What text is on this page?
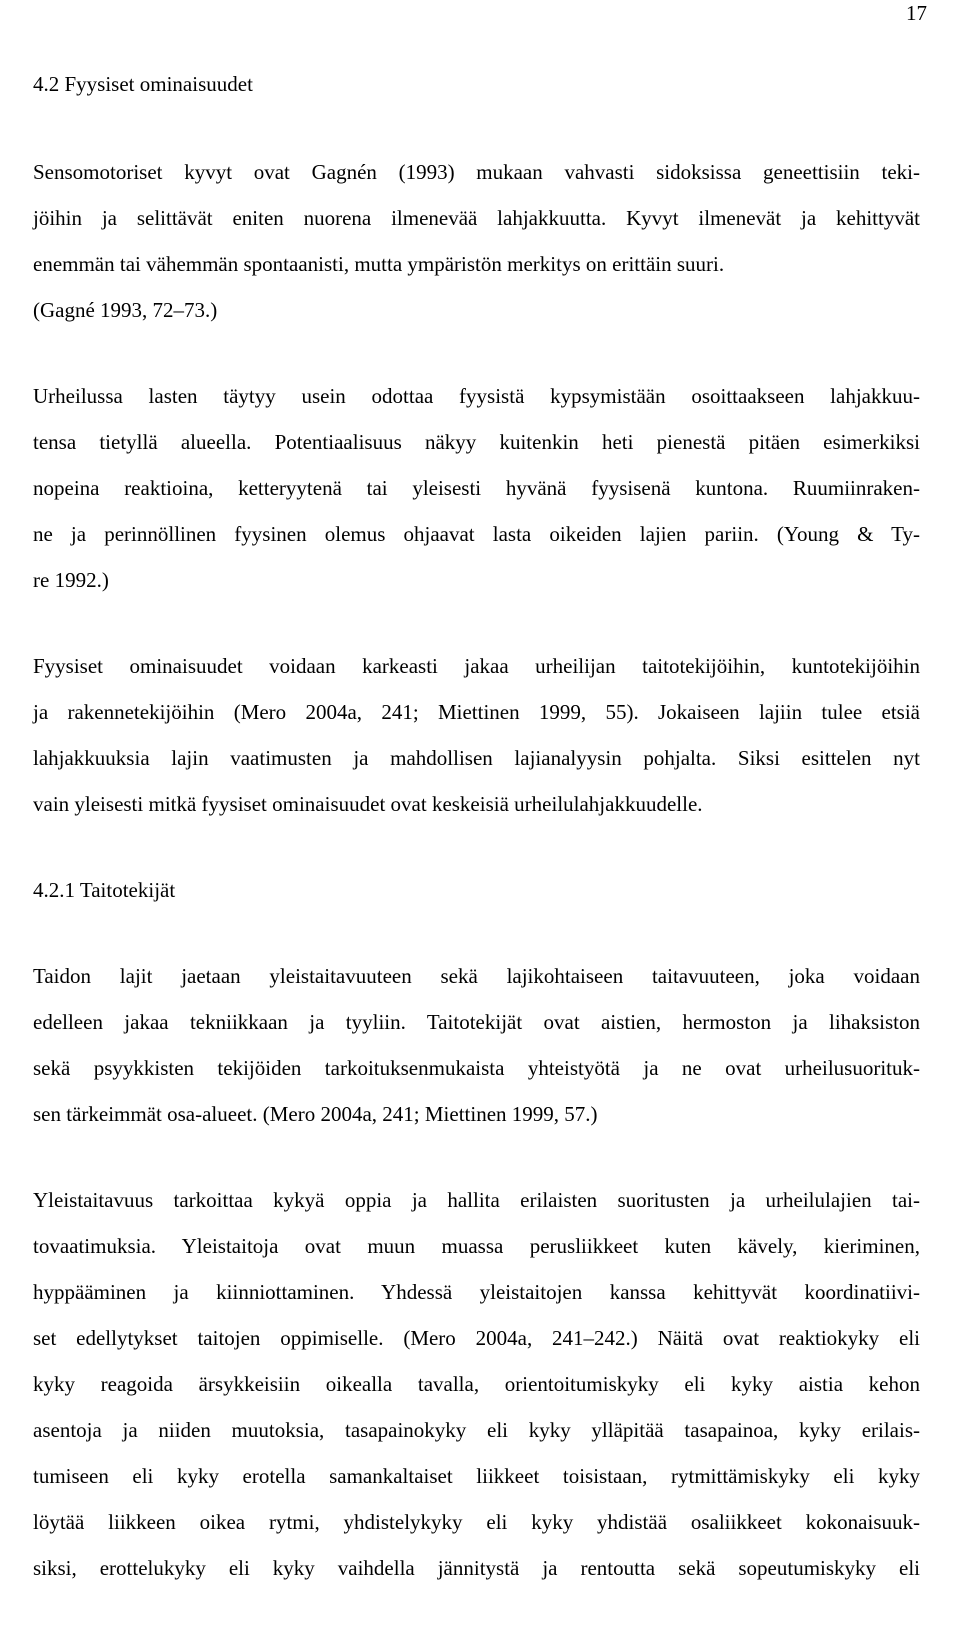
17
4.2 Fyysiset ominaisuudet
Sensomotoriset kyvyt ovat Gagnén (1993) mukaan vahvasti sidoksissa geneettisiin teki-
jöihin ja selittävät eniten nuorena ilmenevää lahjakkuutta. Kyvyt ilmenevät ja kehittyvät
enemmän tai vähemmän spontaanisti, mutta ympäristön merkitys on erittäin suuri.
(Gagné 1993, 72–73.)
Urheilussa lasten täytyy usein odottaa fyysistä kypsymistään osoittaakseen lahjakkuu-
tensa tietyllä alueella. Potentiaalisuus näkyy kuitenkin heti pienestä pitäen esimerkiksi
nopeina reaktioina, ketteryytenä tai yleisesti hyvänä fyysisenä kuntona. Ruumiinraken-
ne ja perinnöllinen fyysinen olemus ohjaavat lasta oikeiden lajien pariin. (Young & Ty-
re 1992.)
Fyysiset ominaisuudet voidaan karkeasti jakaa urheilijan taitotekijöihin, kuntotekijöihin
ja rakennetekijöihin (Mero 2004a, 241; Miettinen 1999, 55). Jokaiseen lajiin tulee etsiä
lahjakkuuksia lajin vaatimusten ja mahdollisen lajianalyysin pohjalta. Siksi esittelen nyt
vain yleisesti mitkä fyysiset ominaisuudet ovat keskeisiä urheilulahjakkuudelle.
4.2.1 Taitotekijät
Taidon lajit jaetaan yleistaitavuuteen sekä lajikohtaiseen taitavuuteen, joka voidaan
edelleen jakaa tekniikkaan ja tyyliin. Taitotekijät ovat aistien, hermoston ja lihaksiston
sekä psyykkisten tekijöiden tarkoituksenmukaista yhteistyötä ja ne ovat urheilusuorituk-
sen tärkeimmät osa-alueet. (Mero 2004a, 241; Miettinen 1999, 57.)
Yleistaitavuus tarkoittaa kykyä oppia ja hallita erilaisten suoritusten ja urheilulajien tai-
tovaatimuksia. Yleistaitoja ovat muun muassa perusliikkeet kuten kävely, kieriminen,
hyppääminen ja kiinniottaminen. Yhdessä yleistaitojen kanssa kehittyvät koordinatiivi-
set edellytykset taitojen oppimiselle. (Mero 2004a, 241–242.) Näitä ovat reaktiokyky eli
kyky reagoida ärsykkeisiin oikealla tavalla, orientoitumiskyky eli kyky aistia kehon
asentoja ja niiden muutoksia, tasapainokyky eli kyky ylläpitää tasapainoa, kyky erilais-
tumiseen eli kyky erotella samankaltaiset liikkeet toisistaan, rytmittämiskyky eli kyky
löytää liikkeen oikea rytmi, yhdistelykyky eli kyky yhdistää osaliikkeet kokonaisuuk-
siksi, erottelukyky eli kyky vaihdella jännitystä ja rentoutta sekä sopeutumiskyky eli
